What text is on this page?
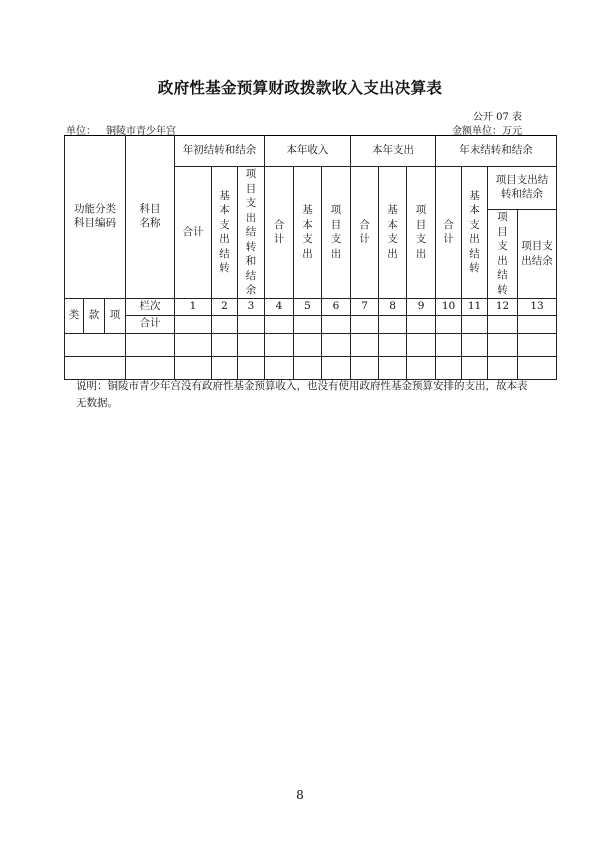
政府性基金预算财政拨款收入支出决算表
公开 07 表
单位： 铜陵市青少年宫	金额单位：万元
功能分类科目编码			科目名称	年初结转和结余			本年收入			本年支出			年末结转和结余			
				合计	基本支出结转	项目支出结转和结余	合计	基本支出	项目支出	合计	基本支出	项目支出	合计	基本支出结转	项目支出结转和结余	
															项目支出结转	项目支出结余
类	款	项	栏次	1	2	3	4	5	6	7	8	9	10	11	12	13
			合计													

说明：铜陵市青少年宫没有政府性基金预算收入，也没有使用政府性基金预算安排的支出，故本表无数据。
8
